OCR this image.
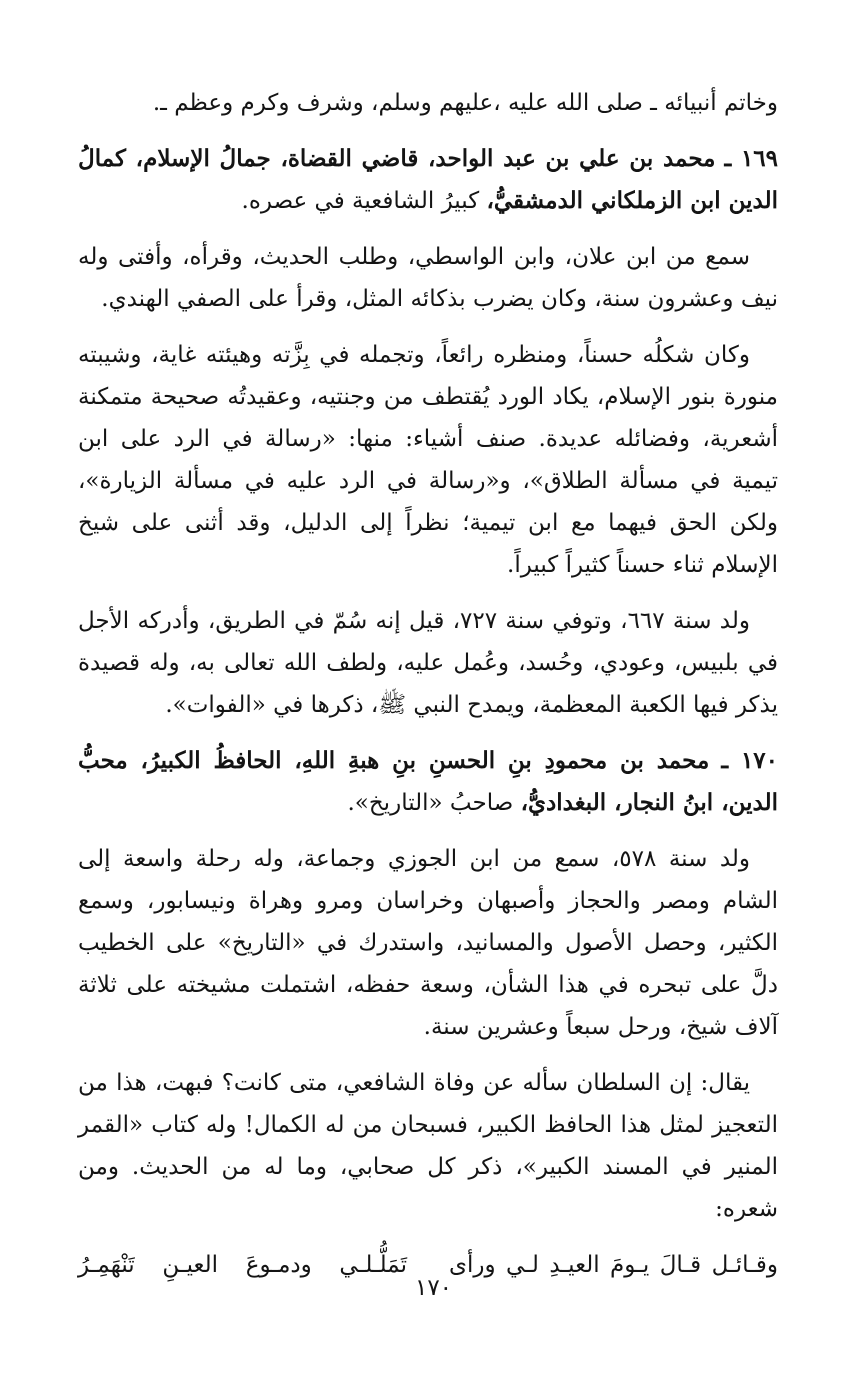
وخاتم أنبيائه ـ صلى الله عليه ،عليهم وسلم، وشرف وكرم وعظم ـ.

١٦٩ ـ محمد بن علي بن عبد الواحد، قاضي القضاة، جمالُ الإسلام، كمالُ الدين ابن الزملكاني الدمشقيُّ، كبيرُ الشافعية في عصره.

سمع من ابن علان، وابن الواسطي، وطلب الحديث، وقرأه، وأفتى وله نيف وعشرون سنة، وكان يضرب بذكائه المثل، وقرأ على الصفي الهندي.

وكان شكلُه حسناً، ومنظره رائعاً، وتجمله في بِزَّته وهيئته غاية، وشيبته منورة بنور الإسلام، يكاد الورد يُقتطف من وجنتيه، وعقيدتُه صحيحة متمكنة أشعرية، وفضائله عديدة. صنف أشياء: منها: «رسالة في الرد على ابن تيمية في مسألة الطلاق»، و«رسالة في الرد عليه في مسألة الزيارة»، ولكن الحق فيهما مع ابن تيمية؛ نظراً إلى الدليل، وقد أثنى على شيخ الإسلام ثناء حسناً كثيراً كبيراً.

ولد سنة ٦٦٧، وتوفي سنة ٧٢٧، قيل إنه سُمّ في الطريق، وأدركه الأجل في بلبيس، وعودي، وحُسد، وعُمل عليه، ولطف الله تعالى به، وله قصيدة يذكر فيها الكعبة المعظمة، ويمدح النبي ﷺ، ذكرها في «الفوات».

١٧٠ ـ محمد بن محمودِ بنِ الحسنِ بنِ هبةِ اللهِ، الحافظُ الكبيرُ، محبُّ الدين، ابنُ النجار، البغداديُّ، صاحبُ «التاريخ».

ولد سنة ٥٧٨، سمع من ابن الجوزي وجماعة، وله رحلة واسعة إلى الشام ومصر والحجاز وأصبهان وخراسان ومرو وهراة ونيسابور، وسمع الكثير، وحصل الأصول والمسانيد، واستدرك في «التاريخ» على الخطيب دلَّ على تبحره في هذا الشأن، وسعة حفظه، اشتملت مشيخته على ثلاثة آلاف شيخ، ورحل سبعاً وعشرين سنة.

يقال: إن السلطان سأله عن وفاة الشافعي، متى كانت؟ فبهت، هذا من التعجيز لمثل هذا الحافظ الكبير، فسبحان من له الكمال! وله كتاب «القمر المنير في المسند الكبير»، ذكر كل صحابي، وما له من الحديث. ومن شعره:

وقـائـل قـالَ يـومَ العيـدِ لـي ورأى
تَمَلُّـلـي ودمـوعَ العيـنِ تَنْهَمِـرُ
١٧٠
